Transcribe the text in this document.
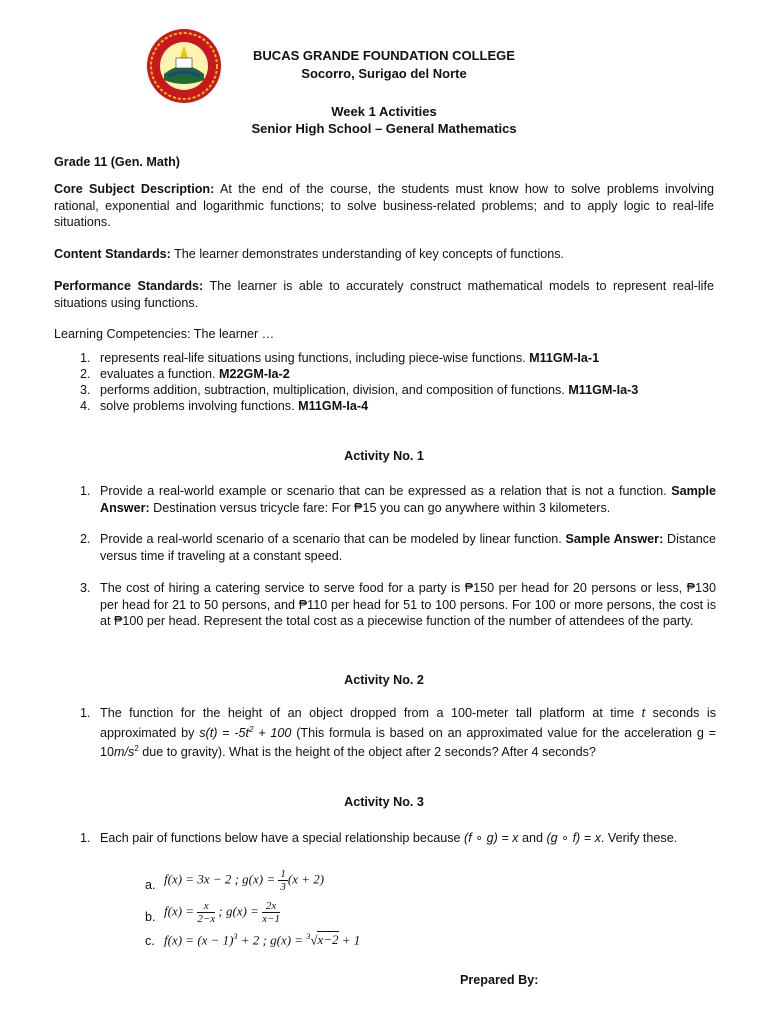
BUCAS GRANDE FOUNDATION COLLEGE
Socorro, Surigao del Norte
Week 1 Activities
Senior High School – General Mathematics
Grade 11 (Gen. Math)
Core Subject Description: At the end of the course, the students must know how to solve problems involving rational, exponential and logarithmic functions; to solve business-related problems; and to apply logic to real-life situations.
Content Standards: The learner demonstrates understanding of key concepts of functions.
Performance Standards: The learner is able to accurately construct mathematical models to represent real-life situations using functions.
Learning Competencies: The learner …
1. represents real-life situations using functions, including piece-wise functions. M11GM-Ia-1
2. evaluates a function. M22GM-Ia-2
3. performs addition, subtraction, multiplication, division, and composition of functions. M11GM-Ia-3
4. solve problems involving functions. M11GM-Ia-4
Activity No. 1
1. Provide a real-world example or scenario that can be expressed as a relation that is not a function. Sample Answer: Destination versus tricycle fare: For ₱15 you can go anywhere within 3 kilometers.
2. Provide a real-world scenario of a scenario that can be modeled by linear function. Sample Answer: Distance versus time if traveling at a constant speed.
3. The cost of hiring a catering service to serve food for a party is ₱150 per head for 20 persons or less, ₱130 per head for 21 to 50 persons, and ₱110 per head for 51 to 100 persons. For 100 or more persons, the cost is at ₱100 per head. Represent the total cost as a piecewise function of the number of attendees of the party.
Activity No. 2
1. The function for the height of an object dropped from a 100-meter tall platform at time t seconds is approximated by $s(t) = -5t^2 + 100$ (This formula is based on an approximated value for the acceleration $g = 10m/s^2$ due to gravity). What is the height of the object after 2 seconds? After 4 seconds?
Activity No. 3
1. Each pair of functions below have a special relationship because (f ∘ g) = x and (g ∘ f) = x. Verify these.
a. f(x) = 3x − 2 ; $g(x) = \frac{1}{3} (x + 2)$
b. $f(x) = \frac{x}{2-x}$ ; $g(x) = \frac{2x}{x-1}$
c. $f(x) = (x - 1)^3 + 2$ ; g(x) = $^3$√x−2 + 1
Prepared By:
